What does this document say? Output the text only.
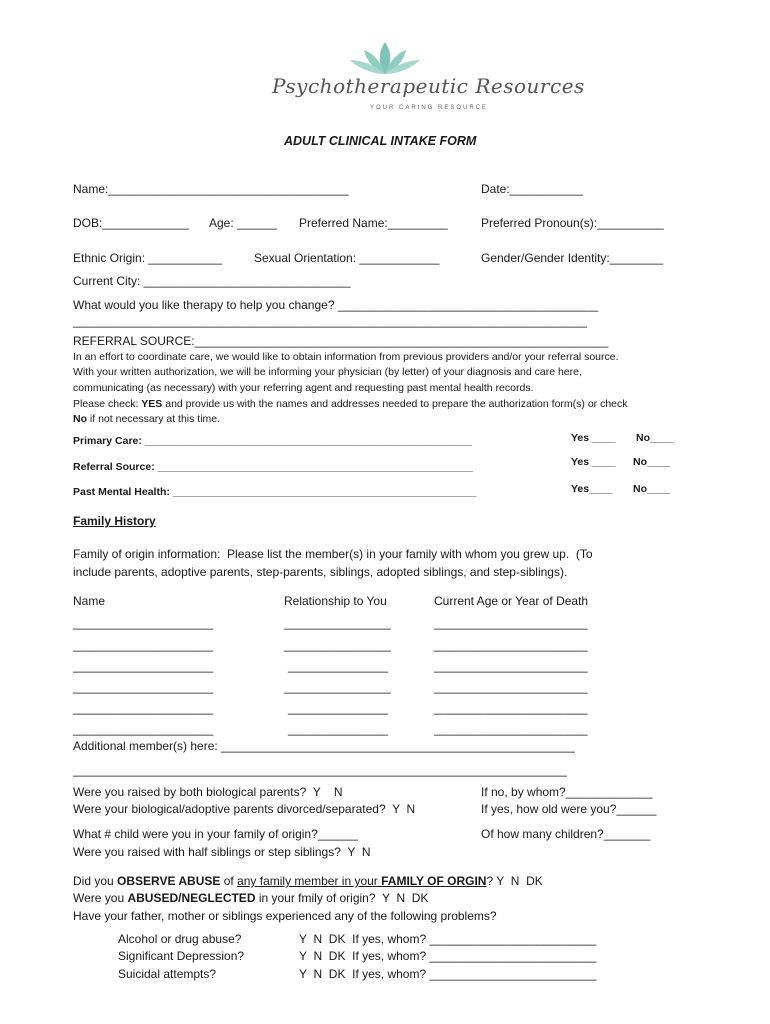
Psychotherapeutic Resources
YOUR CARING RESOURCE
ADULT CLINICAL INTAKE FORM
Name:____________________________________	Date:___________
DOB:_____________ Age: ______ Preferred Name:_________	Preferred Pronoun(s):__________
Ethnic Origin: ___________	Sexual Orientation: ____________	Gender/Gender Identity:________
Current City: _______________________________
What would you like therapy to help you change? _______________________________________
_____________________________________________________________________________
REFERRAL SOURCE:______________________________________________________________
In an effort to coordinate care, we would like to obtain information from previous providers and/or your referral source.
With your written authorization, we will be informing your physician (by letter) of your diagnosis and care here,
communicating (as necessary) with your referring agent and requesting past mental health records.
Please check: YES and provide us with the names and addresses needed to prepare the authorization form(s) or check
No if not necessary at this time.
Primary Care: ________________________________________________________	Yes ____ No____
Referral Source: ______________________________________________________	Yes ____ No____
Past Mental Health: ____________________________________________________	Yes____ No____
Family History
Family of origin information:  Please list the member(s) in your family with whom you grew up.  (To
include parents, adoptive parents, step-parents, siblings, adopted siblings, and step-siblings).
Name	Relationship to You	Current Age or Year of Death
_____________________	________________	_______________________
_____________________	________________	_______________________
_____________________	_______________	_______________________
_____________________	________________	_______________________
_____________________	_______________	_______________________
_____________________	_______________	_______________________
Additional member(s) here: _____________________________________________________
__________________________________________________________________________
Were you raised by both biological parents?  Y    N	If no, by whom?_____________
Were your biological/adoptive parents divorced/separated?  Y  N	If yes, how old were you?______
What # child were you in your family of origin?______	Of how many children?_______
Were you raised with half siblings or step siblings?  Y  N
Did you OBSERVE ABUSE of any family member in your FAMILY OF ORGIN? Y  N  DK
Were you ABUSED/NEGLECTED in your fmily of origin?  Y  N  DK
Have your father, mother or siblings experienced any of the following problems?
Alcohol or drug abuse?	Y  N  DK  If yes, whom? _________________________
Significant Depression?	Y  N  DK  If yes, whom? _________________________
Suicidal attempts?	Y  N  DK  If yes, whom? _________________________
